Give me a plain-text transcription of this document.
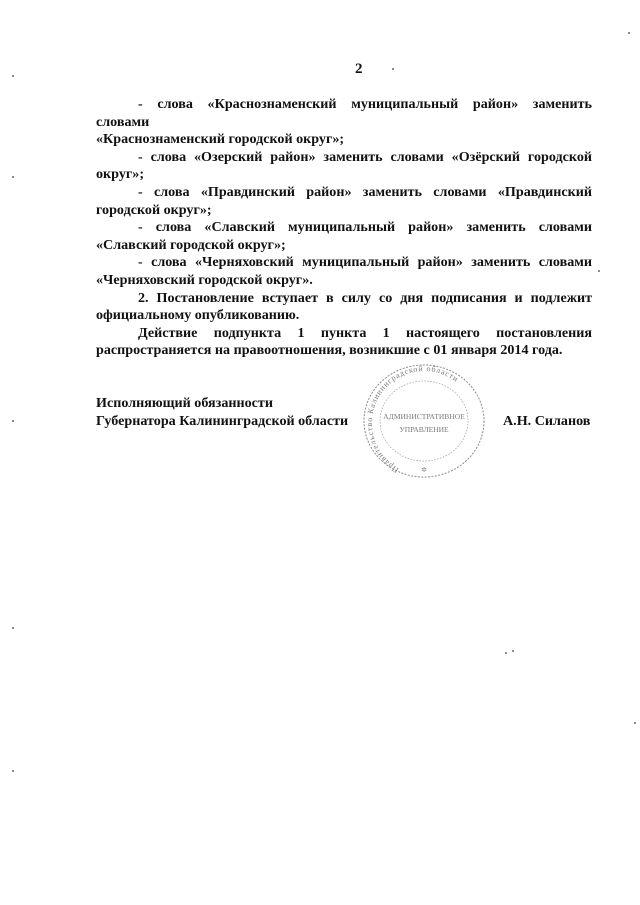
2

- слова «Краснознаменский муниципальный район» заменить словами

«Краснознаменский городской округ»;

- слова «Озерский район» заменить словами «Озёрский городской

округ»;

- слова «Правдинский район» заменить словами «Правдинский

городской округ»;

- слова «Славский муниципальный район» заменить словами

«Славский городской округ»;

- слова «Черняховский муниципальный район» заменить словами

«Черняховский городской округ».

2. Постановление вступает в силу со дня подписания и подлежит

официальному опубликованию.

Действие подпункта 1 пункта 1 настоящего постановления

распространяется на правоотношения, возникшие с 01 января 2014 года.

Исполняющий обязанности
Губернатора Калининградской области
Правительство Калининградской области
АДМИНИСТРАТИВНОЕ
УПРАВЛЕНИЕ
✲
А.Н. Силанов
